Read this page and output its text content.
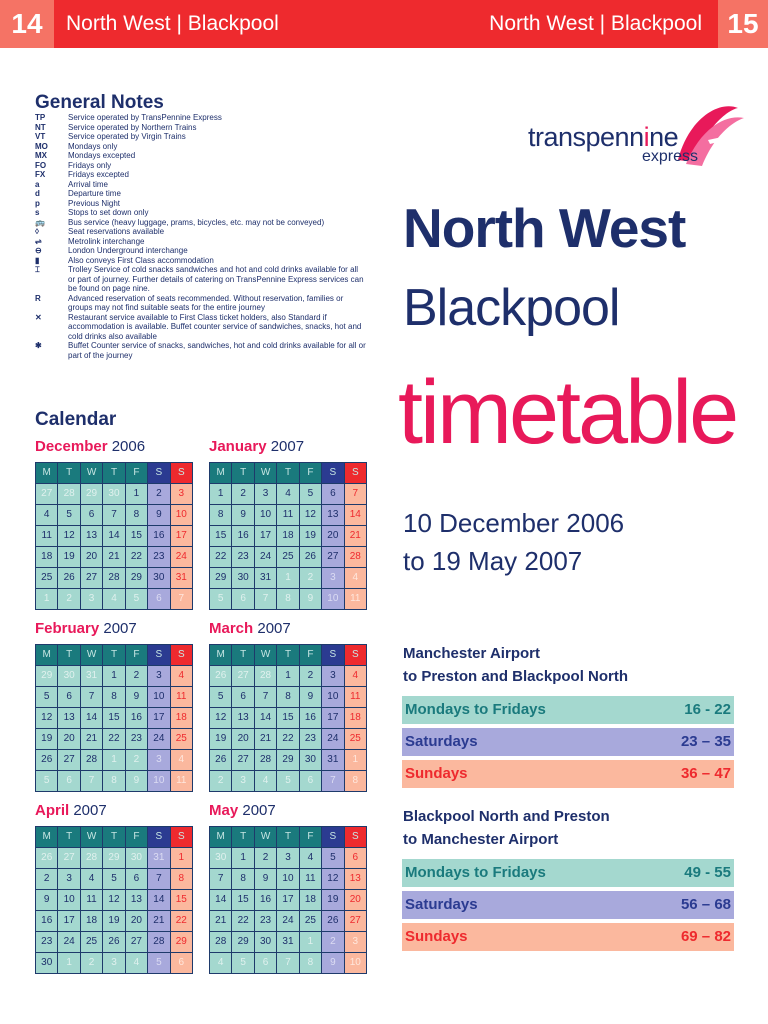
14	North West | Blackpool	North West | Blackpool 15
General Notes
TP	Service operated by TransPennine Express
NT	Service operated by Northern Trains
VT	Service operated by Virgin Trains
MO	Mondays only
MX	Mondays excepted
FO	Fridays only
FX	Fridays excepted
a	Arrival time
d	Departure time
p	Previous Night
s	Stops to set down only
🚌	Bus service (heavy luggage, prams, bicycles, etc. may not be conveyed)
◊	Seat reservations available
⇌	Metrolink interchange
⊖	London Underground interchange
▮	Also conveys First Class accommodation
⌶	Trolley Service of cold snacks sandwiches and hot and cold drinks available for all or part of journey. Further details of catering on TransPennine Express services can be found on page nine.
R	Advanced reservation of seats recommended. Without reservation, families or groups may not find suitable seats for the entire journey
✕	Restaurant service available to First Class ticket holders, also Standard if accommodation is available. Buffet counter service of sandwiches, snacks, hot and cold drinks also available
✱	Buffet Counter service of snacks, sandwiches, hot and cold drinks available for all or part of the journey
Calendar
December 2006
M	T	W	T	F	S	S
27	28	29	30	1	2	3
4	5	6	7	8	9	10
11	12	13	14	15	16	17
18	19	20	21	22	23	24
25	26	27	28	29	30	31
1	2	3	4	5	6	7
January 2007
M	T	W	T	F	S	S
1	2	3	4	5	6	7
8	9	10	11	12	13	14
15	16	17	18	19	20	21
22	23	24	25	26	27	28
29	30	31	1	2	3	4
5	6	7	8	9	10	11
February 2007
M	T	W	T	F	S	S
29	30	31	1	2	3	4
5	6	7	8	9	10	11
12	13	14	15	16	17	18
19	20	21	22	23	24	25
26	27	28	1	2	3	4
5	6	7	8	9	10	11
March 2007
M	T	W	T	F	S	S
26	27	28	1	2	3	4
5	6	7	8	9	10	11
12	13	14	15	16	17	18
19	20	21	22	23	24	25
26	27	28	29	30	31	1
2	3	4	5	6	7	8
April 2007
M	T	W	T	F	S	S
26	27	28	29	30	31	1
2	3	4	5	6	7	8
9	10	11	12	13	14	15
16	17	18	19	20	21	22
23	24	25	26	27	28	29
30	1	2	3	4	5	6
May 2007
M	T	W	T	F	S	S
30	1	2	3	4	5	6
7	8	9	10	11	12	13
14	15	16	17	18	19	20
21	22	23	24	25	26	27
28	29	30	31	1	2	3
4	5	6	7	8	9	10
transpennine
express
North West
Blackpool
timetable
10 December 2006
to 19 May 2007
Manchester Airport
to Preston and Blackpool North
Mondays to Fridays	16 - 22
Saturdays	23 – 35
Sundays	36 – 47
Blackpool North and Preston
to Manchester Airport
Mondays to Fridays	49 - 55
Saturdays	56 – 68
Sundays	69 – 82
